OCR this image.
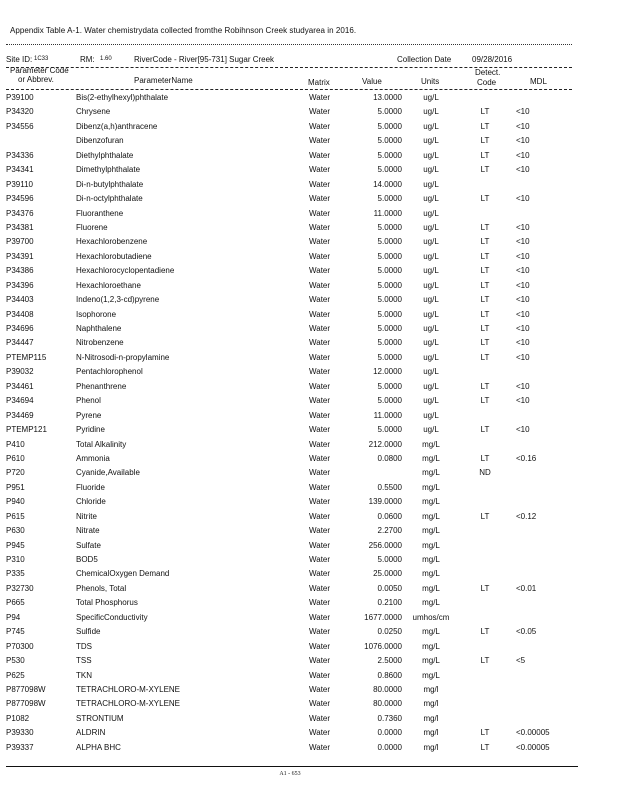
Appendix Table A-1. Water chemistrydata collected fromthe Robihnson Creek studyarea in 2016.
Site ID: 1C33	RM: 1.60	RiverCode - River[95-731] Sugar Creek	Collection Date	09/28/2016
Parameter Code
or Abbrev.	ParameterName	Matrix	Value	Units
Detect.
Code	MDL
P39100	Bis(2-ethylhexyl)phthalate	Water	13.0000	ug/L
P34320	Chrysene	Water	5.0000	ug/L	LT	<10
P34556	Dibenz(a,h)anthracene	Water	5.0000	ug/L	LT	<10
Dibenzofuran	Water	5.0000	ug/L	LT	<10
P34336	Diethylphthalate	Water	5.0000	ug/L	LT	<10
P34341	Dimethylphthalate	Water	5.0000	ug/L	LT	<10
P39110	Di-n-butylphthalate	Water	14.0000	ug/L
P34596	Di-n-octylphthalate	Water	5.0000	ug/L	LT	<10
P34376	Fluoranthene	Water	11.0000	ug/L
P34381	Fluorene	Water	5.0000	ug/L	LT	<10
P39700	Hexachlorobenzene	Water	5.0000	ug/L	LT	<10
P34391	Hexachlorobutadiene	Water	5.0000	ug/L	LT	<10
P34386	Hexachlorocyclopentadiene	Water	5.0000	ug/L	LT	<10
P34396	Hexachloroethane	Water	5.0000	ug/L	LT	<10
P34403	Indeno(1,2,3-cd)pyrene	Water	5.0000	ug/L	LT	<10
P34408	Isophorone	Water	5.0000	ug/L	LT	<10
P34696	Naphthalene	Water	5.0000	ug/L	LT	<10
P34447	Nitrobenzene	Water	5.0000	ug/L	LT	<10
PTEMP115	N-Nitrosodi-n-propylamine	Water	5.0000	ug/L	LT	<10
P39032	Pentachlorophenol	Water	12.0000	ug/L
P34461	Phenanthrene	Water	5.0000	ug/L	LT	<10
P34694	Phenol	Water	5.0000	ug/L	LT	<10
P34469	Pyrene	Water	11.0000	ug/L
PTEMP121	Pyridine	Water	5.0000	ug/L	LT	<10
P410	Total Alkalinity	Water	212.0000	mg/L
P610	Ammonia	Water	0.0800	mg/L	LT	<0.16
P720	Cyanide,Available	Water	mg/L	ND
P951	Fluoride	Water	0.5500	mg/L
P940	Chloride	Water	139.0000	mg/L
P615	Nitrite	Water	0.0600	mg/L	LT	<0.12
P630	Nitrate	Water	2.2700	mg/L
P945	Sulfate	Water	256.0000	mg/L
P310	BOD5	Water	5.0000	mg/L
P335	ChemicalOxygen Demand	Water	25.0000	mg/L
P32730	Phenols, Total	Water	0.0050	mg/L	LT	<0.01
P665	Total Phosphorus	Water	0.2100	mg/L
P94	SpecificConductivity	Water	1677.0000	umhos/cm
P745	Sulfide	Water	0.0250	mg/L	LT	<0.05
P70300	TDS	Water	1076.0000	mg/L
P530	TSS	Water	2.5000	mg/L	LT	<5
P625	TKN	Water	0.8600	mg/L
P877098W	TETRACHLORO-M-XYLENE	Water	80.0000	mg/l
P877098W	TETRACHLORO-M-XYLENE	Water	80.0000	mg/l
P1082	STRONTIUM	Water	0.7360	mg/l
P39330	ALDRIN	Water	0.0000	mg/l	LT	<0.00005
P39337	ALPHA BHC	Water	0.0000	mg/l	LT	<0.00005
A1 - 653
